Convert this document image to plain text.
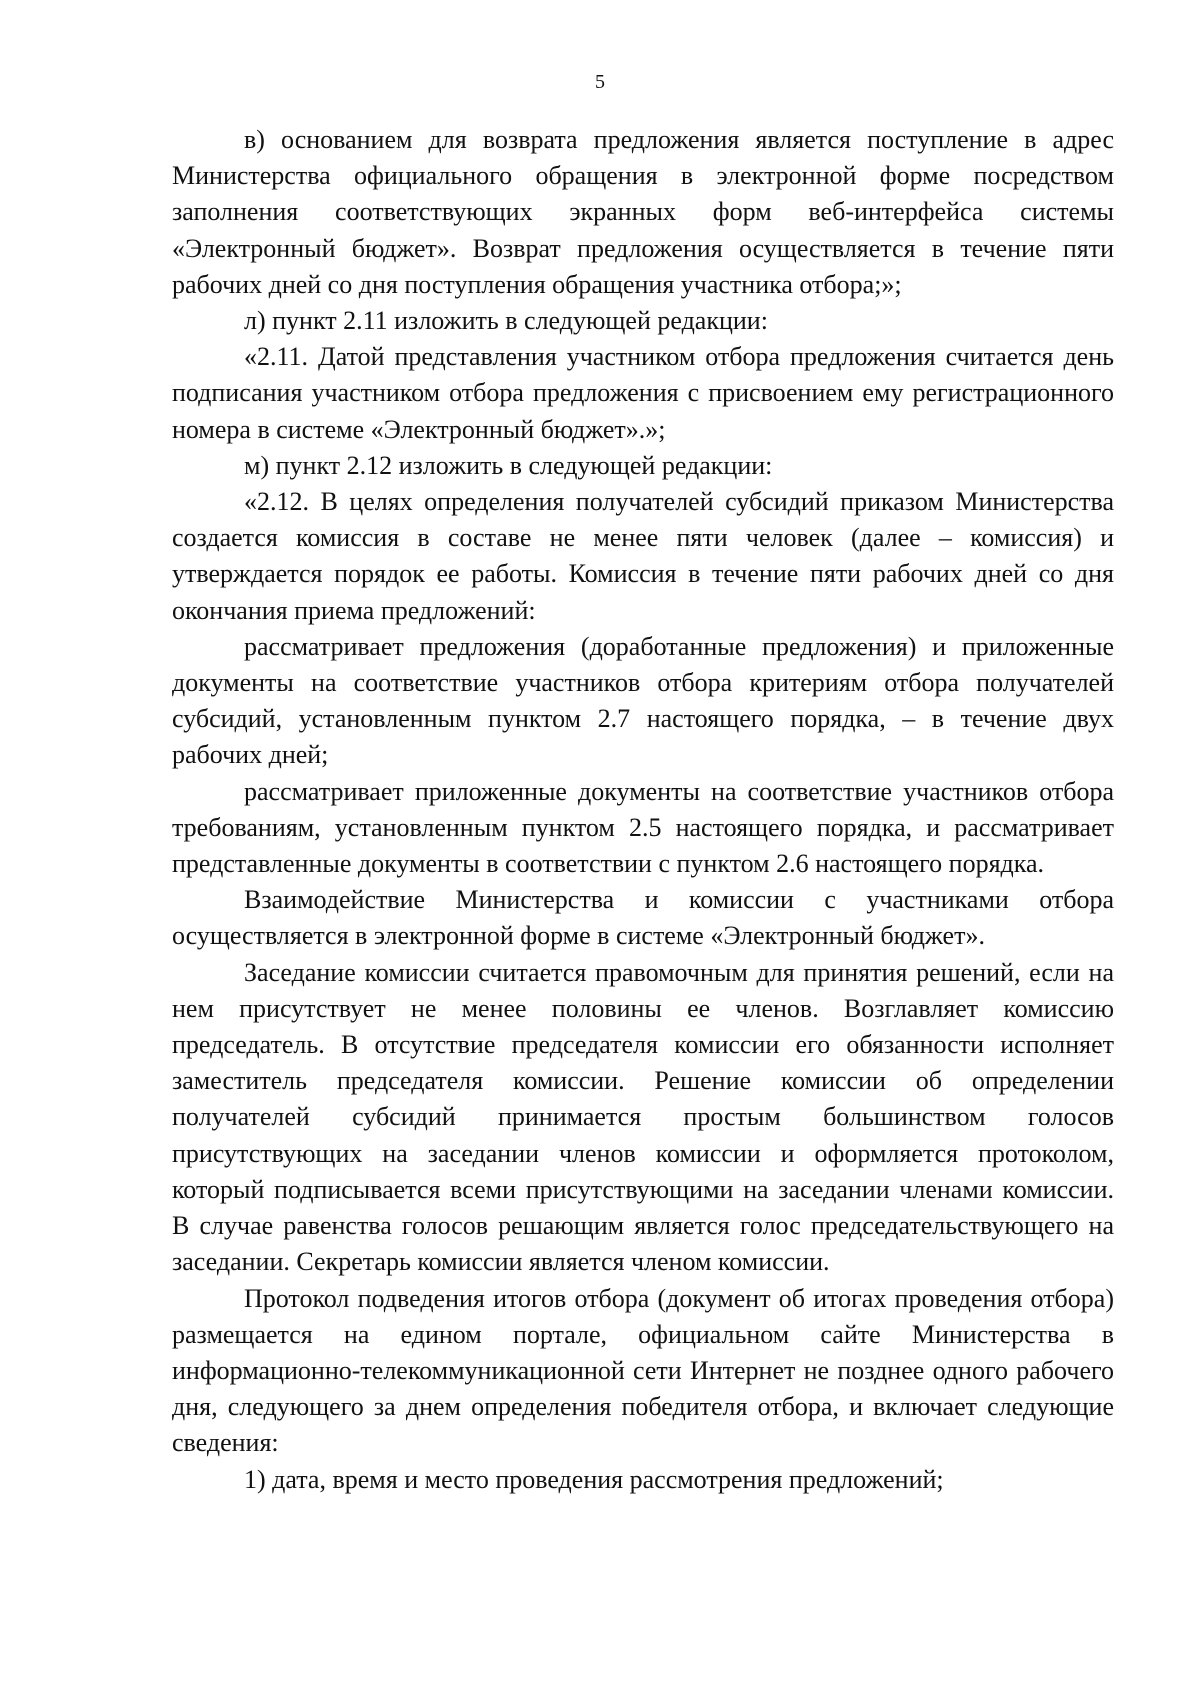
5

в) основанием для возврата предложения является поступление в адрес Министерства официального обращения в электронной форме посредством заполнения соответствующих экранных форм веб-интерфейса системы «Электронный бюджет». Возврат предложения осуществляется в течение пяти рабочих дней со дня поступления обращения участника отбора;»;

л) пункт 2.11 изложить в следующей редакции:

«2.11. Датой представления участником отбора предложения считается день подписания участником отбора предложения с присвоением ему регистрационного номера в системе «Электронный бюджет».»;

м) пункт 2.12 изложить в следующей редакции:

«2.12. В целях определения получателей субсидий приказом Министерства создается комиссия в составе не менее пяти человек (далее – комиссия) и утверждается порядок ее работы. Комиссия в течение пяти рабочих дней со дня окончания приема предложений:

рассматривает предложения (доработанные предложения) и приложенные документы на соответствие участников отбора критериям отбора получателей субсидий, установленным пунктом 2.7 настоящего порядка, – в течение двух рабочих дней;

рассматривает приложенные документы на соответствие участников отбора требованиям, установленным пунктом 2.5 настоящего порядка, и рассматривает представленные документы в соответствии с пунктом 2.6 настоящего порядка.

Взаимодействие Министерства и комиссии с участниками отбора осуществляется в электронной форме в системе «Электронный бюджет».

Заседание комиссии считается правомочным для принятия решений, если на нем присутствует не менее половины ее членов. Возглавляет комиссию председатель. В отсутствие председателя комиссии его обязанности исполняет заместитель председателя комиссии. Решение комиссии об определении получателей субсидий принимается простым большинством голосов присутствующих на заседании членов комиссии и оформляется протоколом, который подписывается всеми присутствующими на заседании членами комиссии. В случае равенства голосов решающим является голос председательствующего на заседании. Секретарь комиссии является членом комиссии.

Протокол подведения итогов отбора (документ об итогах проведения отбора) размещается на едином портале, официальном сайте Министерства в информационно-телекоммуникационной сети Интернет не позднее одного рабочего дня, следующего за днем определения победителя отбора, и включает следующие сведения:

1) дата, время и место проведения рассмотрения предложений;
